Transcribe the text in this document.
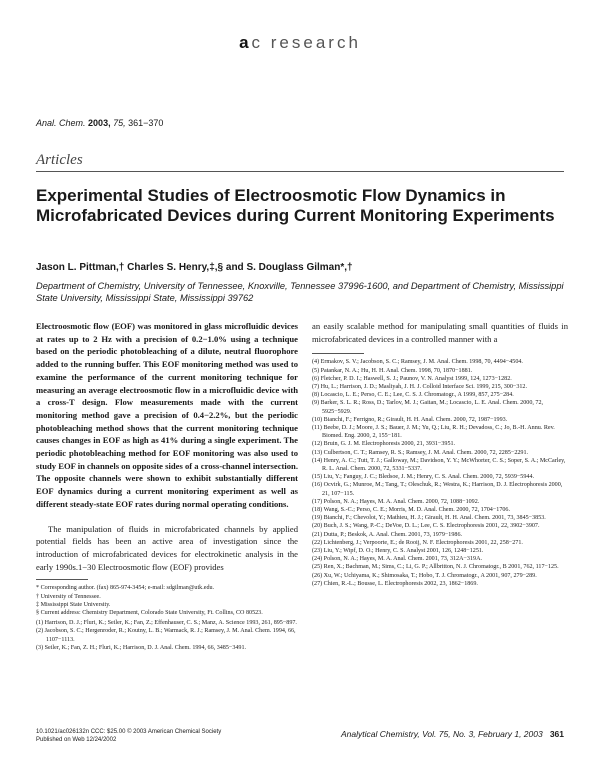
ac research
Anal. Chem. 2003, 75, 361−370
Articles
Experimental Studies of Electroosmotic Flow Dynamics in Microfabricated Devices during Current Monitoring Experiments
Jason L. Pittman,† Charles S. Henry,‡,§ and S. Douglass Gilman*,†

Department of Chemistry, University of Tennessee, Knoxville, Tennessee 37996-1600, and Department of Chemistry, Mississippi State University, Mississippi State, Mississippi 39762

Electroosmotic flow (EOF) was monitored in glass microfluidic devices at rates up to 2 Hz with a precision of 0.2−1.0% using a technique based on the periodic photobleaching of a dilute, neutral fluorophore added to the running buffer. This EOF monitoring method was used to examine the performance of the current monitoring technique for measuring an average electroosmotic flow in a microfluidic device with a cross-T design. Flow measurements made with the current monitoring method gave a precision of 0.4−2.2%, but the periodic photobleaching method shows that the current monitoring technique causes changes in EOF as high as 41% during a single experiment. The periodic photobleaching method for EOF monitoring was also used to study EOF in channels on opposite sides of a cross-channel intersection. The opposite channels were shown to exhibit substantially different EOF dynamics during a current monitoring experiment as well as different steady-state EOF rates during normal operating conditions.

The manipulation of fluids in microfabricated channels by applied potential fields has been an active area of investigation since the introduction of microfabricated devices for electrokinetic analysis in the early 1990s.1−30 Electroosmotic flow (EOF) provides

* Corresponding author. (fax) 865-974-3454; e-mail: sdgilman@utk.edu.

† University of Tennessee.

‡ Mississippi State University.

§ Current address: Chemistry Department, Colorado State University, Ft. Collins, CO 80523.

(1) Harrison, D. J.; Fluri, K.; Seiler, K.; Fan, Z.; Effenhauser, C. S.; Manz, A. Science 1993, 261, 895−897.

(2) Jacobson, S. C.; Hergenroder, R.; Koutny, L. B.; Warmack, R. J.; Ramsey, J. M. Anal. Chem. 1994, 66, 1107−1113.

(3) Seiler, K.; Fan, Z. H.; Fluri, K.; Harrison, D. J. Anal. Chem. 1994, 66, 3485−3491.

an easily scalable method for manipulating small quantities of fluids in microfabricated devices in a controlled manner with a

(4) Ermakov, S. V.; Jacobson, S. C.; Ramsey, J. M. Anal. Chem. 1998, 70, 4494−4504.

(5) Patankar, N. A.; Hu, H. H. Anal. Chem. 1998, 70, 1870−1881.

(6) Fletcher, P. D. I.; Haswell, S. J.; Paunov, V. N. Analyst 1999, 124, 1273−1282.

(7) Hu, L.; Harrison, J. D.; Masliyah, J. H. J. Colloid Interface Sci. 1999, 215, 300−312.

(8) Locascio, L. E.; Perso, C. E.; Lee, C. S. J. Chromatogr., A 1999, 857, 275−284.

(9) Barker, S. L. R.; Ross, D.; Tarlov, M. J.; Gaitan, M.; Locascio, L. E. Anal. Chem. 2000, 72, 5925−5929.

(10) Bianchi, F.; Ferrigno, R.; Girault, H. H. Anal. Chem. 2000, 72, 1987−1993.

(11) Beebe, D. J.; Moore, J. S.; Bauer, J. M.; Yu, Q.; Liu, R. H.; Devadoss, C.; Jo, B.-H. Annu. Rev. Biomed. Eng. 2000, 2, 155−181.

(12) Bruin, G. J. M. Electrophoresis 2000, 21, 3931−3951.

(13) Culbertson, C. T.; Ramsey, R. S.; Ramsey, J. M. Anal. Chem. 2000, 72, 2285−2291.

(14) Henry, A. C.; Tutt, T. J.; Galloway, M.; Davidson, Y. Y.; McWhorter, C. S.; Soper, S. A.; McCarley, R. L. Anal. Chem. 2000, 72, 5331−5337.

(15) Liu, Y.; Fanguy, J. C.; Bledsoe, J. M.; Henry, C. S. Anal. Chem. 2000, 72, 5939−5944.

(16) Ocvirk, G.; Munroe, M.; Tang, T.; Oleschuk, R.; Westra, K.; Harrison, D. J. Electrophoresis 2000, 21, 107−115.

(17) Polson, N. A.; Hayes, M. A. Anal. Chem. 2000, 72, 1088−1092.

(18) Wang, S.-C.; Perso, C. E.; Morris, M. D. Anal. Chem. 2000, 72, 1704−1706.

(19) Bianchi, F.; Chevolot, Y.; Mathieu, H. J.; Girault, H. H. Anal. Chem. 2001, 73, 3845−3853.

(20) Buch, J. S.; Wang, P.-C.; DeVoe, D. L.; Lee, C. S. Electrophoresis 2001, 22, 3902−3907.

(21) Dutta, P.; Beskok, A. Anal. Chem. 2001, 73, 1979−1986.

(22) Lichtenberg, J.; Verpoorte, E.; de Rooij, N. F. Electrophoresis 2001, 22, 258−271.

(23) Liu, Y.; Wipf, D. O.; Henry, C. S. Analyst 2001, 126, 1248−1251.

(24) Polson, N. A.; Hayes, M. A. Anal. Chem. 2001, 73, 312A−319A.

(25) Ren, X.; Bachman, M.; Sims, C.; Li, G. P.; Allbritton, N. J. Chromatogr., B 2001, 762, 117−125.

(26) Xu, W.; Uchiyama, K.; Shimosaka, T.; Hobo, T. J. Chromatogr., A 2001, 907, 279−289.

(27) Chien, R.-L.; Bousse, L. Electrophoresis 2002, 23, 1862−1869.

10.1021/ac026132n CCC: $25.00 © 2003 American Chemical Society
Published on Web 12/24/2002
Analytical Chemistry, Vol. 75, No. 3, February 1, 2003 361
